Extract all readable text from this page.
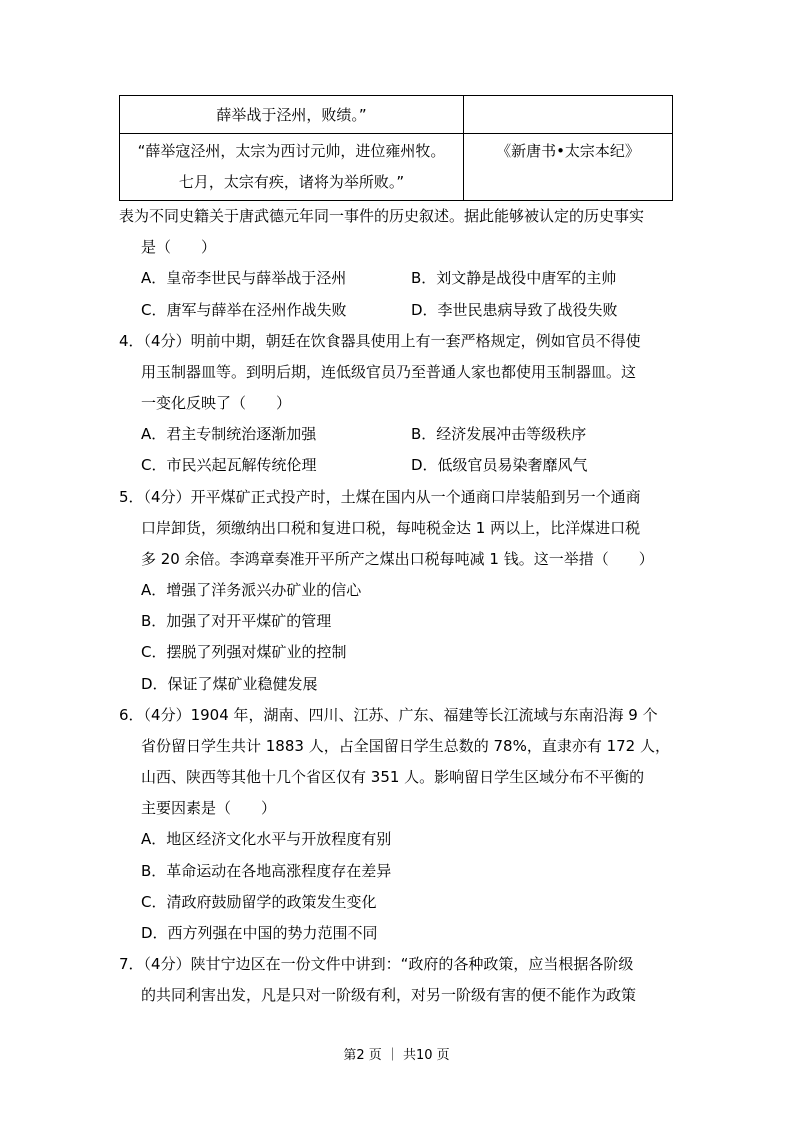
薛举战于泾州，败绩。”	

“薛举寇泾州，太宗为西讨元帅，进位雍州牧。
七月，太宗有疾，诸将为举所败。”	《新唐书•太宗本纪》
表为不同史籍关于唐武德元年同一事件的历史叙述。据此能够被认定的历史事实
是（　　）
A．皇帝李世民与薛举战于泾州	B．刘文静是战役中唐军的主帅
C．唐军与薛举在泾州作战失败	D．李世民患病导致了战役失败
4．（4分）明前中期，朝廷在饮食器具使用上有一套严格规定，例如官员不得使
用玉制器皿等。到明后期，连低级官员乃至普通人家也都使用玉制器皿。这
一变化反映了（　　）
A．君主专制统治逐渐加强	B．经济发展冲击等级秩序
C．市民兴起瓦解传统伦理	D．低级官员易染奢靡风气
5．（4分）开平煤矿正式投产时，土煤在国内从一个通商口岸装船到另一个通商
口岸卸货，须缴纳出口税和复进口税，每吨税金达 1 两以上，比洋煤进口税
多 20 余倍。李鸿章奏准开平所产之煤出口税每吨减 1 钱。这一举措（　　）
A．增强了洋务派兴办矿业的信心
B．加强了对开平煤矿的管理
C．摆脱了列强对煤矿业的控制
D．保证了煤矿业稳健发展
6．（4分）1904 年，湖南、四川、江苏、广东、福建等长江流域与东南沿海 9 个
省份留日学生共计 1883 人，占全国留日学生总数的 78%，直隶亦有 172 人，
山西、陕西等其他十几个省区仅有 351 人。影响留日学生区域分布不平衡的
主要因素是（　　）
A．地区经济文化水平与开放程度有别
B．革命运动在各地高涨程度存在差异
C．清政府鼓励留学的政策发生变化
D．西方列强在中国的势力范围不同
7．（4分）陕甘宁边区在一份文件中讲到：“政府的各种政策，应当根据各阶级
的共同利害出发，凡是只对一阶级有利，对另一阶级有害的便不能作为政策
第2 页 ｜ 共10 页
